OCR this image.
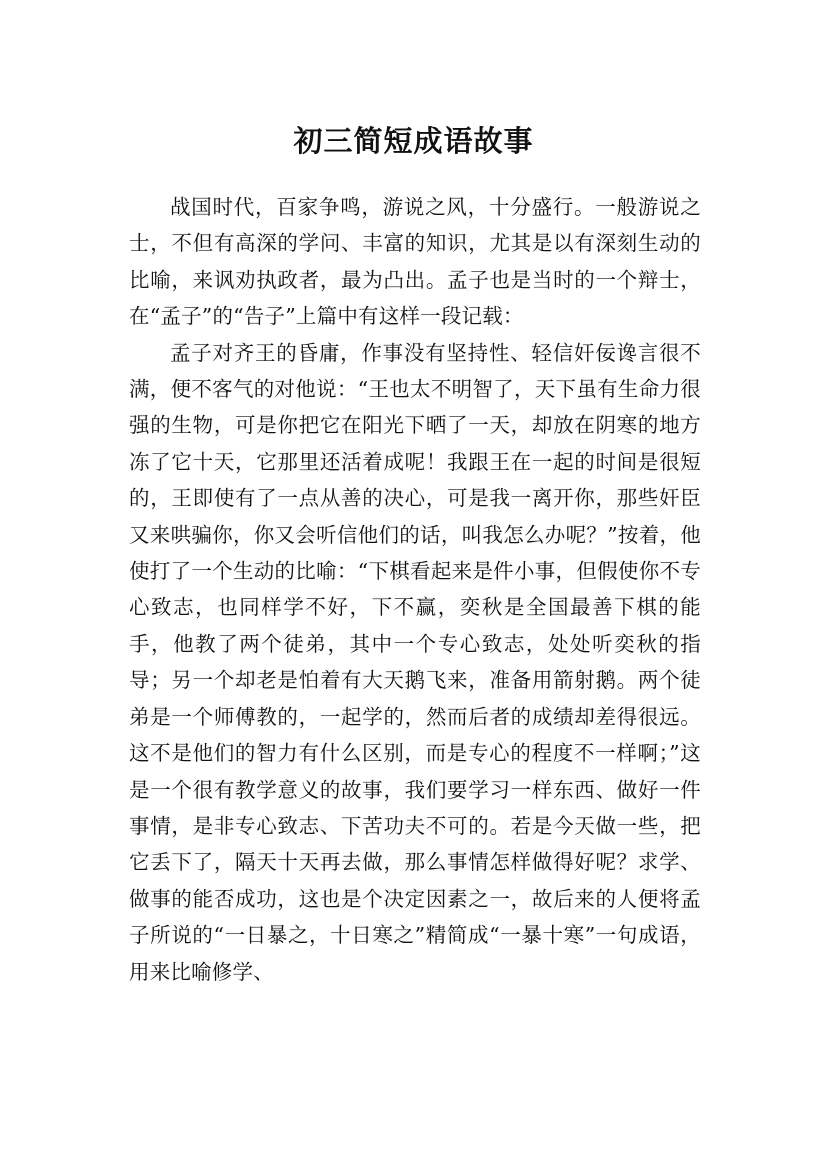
初三简短成语故事

战国时代，百家争鸣，游说之风，十分盛行。一般游说之士，不但有高深的学问、丰富的知识，尤其是以有深刻生动的比喻，来讽劝执政者，最为凸出。孟子也是当时的一个辩士，在“孟子”的“告子”上篇中有这样一段记载：

孟子对齐王的昏庸，作事没有坚持性、轻信奸佞谗言很不满，便不客气的对他说：“王也太不明智了，天下虽有生命力很强的生物，可是你把它在阳光下晒了一天，却放在阴寒的地方冻了它十天，它那里还活着成呢！我跟王在一起的时间是很短的，王即使有了一点从善的决心，可是我一离开你，那些奸臣又来哄骗你，你又会听信他们的话，叫我怎么办呢？”按着，他使打了一个生动的比喻：“下棋看起来是件小事，但假使你不专心致志，也同样学不好，下不赢，奕秋是全国最善下棋的能手，他教了两个徒弟，其中一个专心致志，处处听奕秋的指导；另一个却老是怕着有大天鹅飞来，准备用箭射鹅。两个徒弟是一个师傅教的，一起学的，然而后者的成绩却差得很远。这不是他们的智力有什么区别，而是专心的程度不一样啊；”这是一个很有教学意义的故事，我们要学习一样东西、做好一件事情，是非专心致志、下苦功夫不可的。若是今天做一些，把它丢下了，隔天十天再去做，那么事情怎样做得好呢？求学、做事的能否成功，这也是个决定因素之一，故后来的人便将孟子所说的“一日暴之，十日寒之”精简成“一暴十寒”一句成语，用来比喻修学、
